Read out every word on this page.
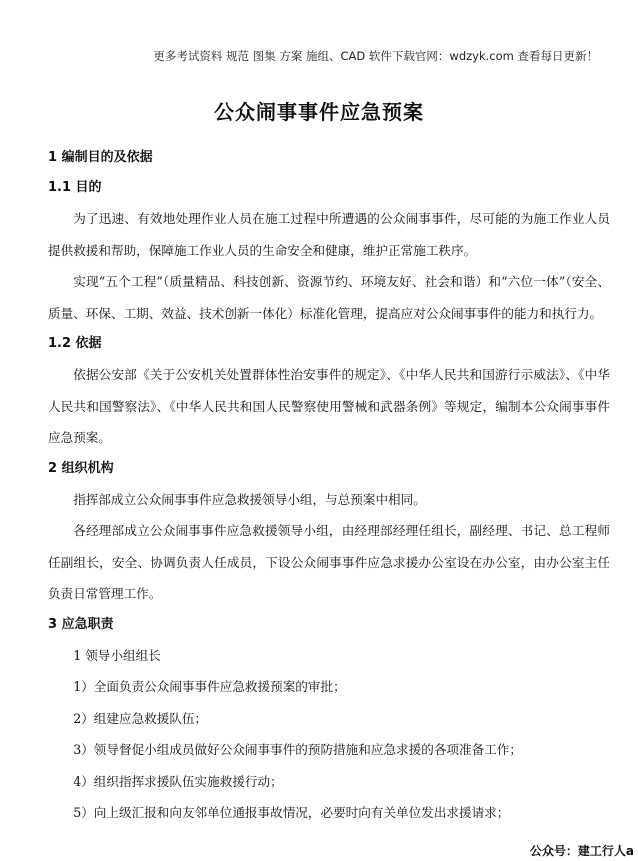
更多考试资料 规范 图集 方案 施组、CAD 软件下载官网：wdzyk.com 查看每日更新！
公众闹事事件应急预案
1 编制目的及依据
1.1 目的
为了迅速、有效地处理作业人员在施工过程中所遭遇的公众闹事事件，尽可能的为施工作业人员提供救援和帮助，保障施工作业人员的生命安全和健康，维护正常施工秩序。
实现“五个工程”（质量精品、科技创新、资源节约、环境友好、社会和谐）和“六位一体”（安全、质量、环保、工期、效益、技术创新一体化）标准化管理，提高应对公众闹事事件的能力和执行力。
1.2 依据
依据公安部《关于公安机关处置群体性治安事件的规定》、《中华人民共和国游行示威法》、《中华人民共和国警察法》、《中华人民共和国人民警察使用警械和武器条例》等规定，编制本公众闹事事件应急预案。
2 组织机构
指挥部成立公众闹事事件应急救援领导小组，与总预案中相同。
各经理部成立公众闹事事件应急救援领导小组，由经理部经理任组长，副经理、书记、总工程师任副组长，安全、协调负责人任成员，下设公众闹事事件应急求援办公室设在办公室，由办公室主任负责日常管理工作。
3 应急职责
1 领导小组组长
1）全面负责公众闹事事件应急救援预案的审批；
2）组建应急救援队伍；
3）领导督促小组成员做好公众闹事事件的预防措施和应急求援的各项准备工作；
4）组织指挥求援队伍实施救援行动；
5）向上级汇报和向友邻单位通报事故情况，必要时向有关单位发出求援请求；
公众号：建工行人a
